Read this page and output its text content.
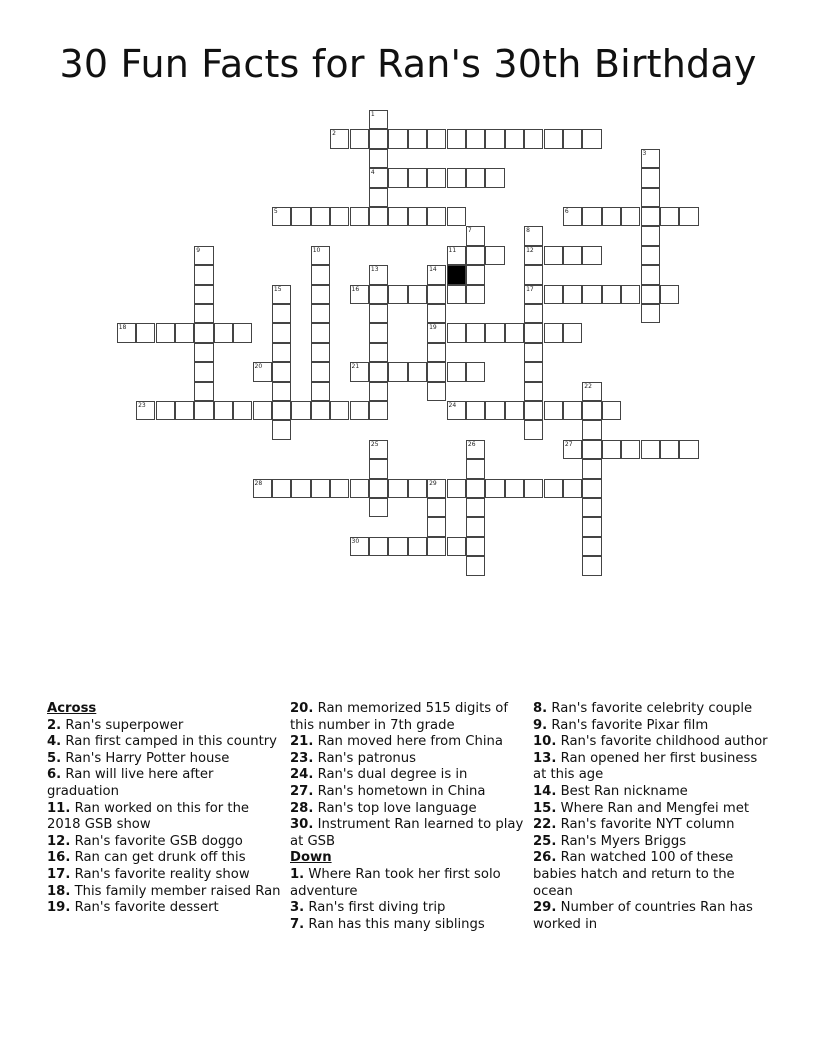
30 Fun Facts for Ran's 30th Birthday
1
4
2
3
5	6
7	8
12
17
9	10	11
13	14
19
15	16
18
20	21
22
23	24
25	26	27
28	29
30
Across
2. Ran's superpower
4. Ran first camped in this country
5. Ran's Harry Potter house
6. Ran will live here after graduation
11. Ran worked on this for the 2018 GSB show
12. Ran's favorite GSB doggo
16. Ran can get drunk off this
17. Ran's favorite reality show
18. This family member raised Ran
19. Ran's favorite dessert
20. Ran memorized 515 digits of this number in 7th grade
21. Ran moved here from China
23. Ran's patronus
24. Ran's dual degree is in
27. Ran's hometown in China
28. Ran's top love language
30. Instrument Ran learned to play at GSB
Down
1. Where Ran took her first solo adventure
3. Ran's first diving trip
7. Ran has this many siblings
8. Ran's favorite celebrity couple
9. Ran's favorite Pixar film
10. Ran's favorite childhood author
13. Ran opened her first business at this age
14. Best Ran nickname
15. Where Ran and Mengfei met
22. Ran's favorite NYT column
25. Ran's Myers Briggs
26. Ran watched 100 of these babies hatch and return to the ocean
29. Number of countries Ran has worked in
